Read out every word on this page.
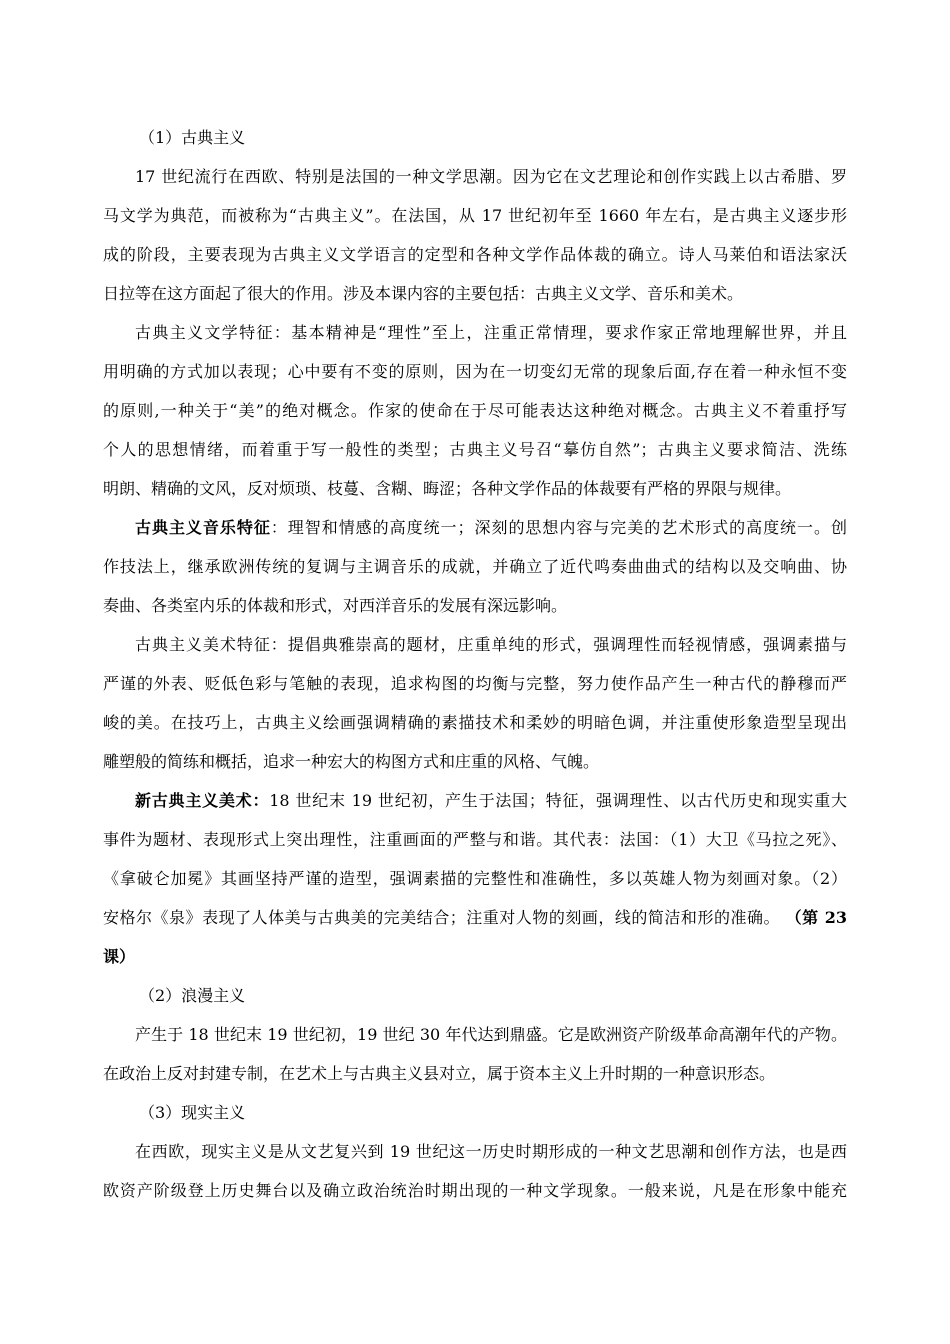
（1）古典主义
17 世纪流行在西欧、特别是法国的一种文学思潮。因为它在文艺理论和创作实践上以古希腊、罗
马文学为典范，而被称为“古典主义”。在法国，从 17 世纪初年至 1660 年左右，是古典主义逐步形
成的阶段，主要表现为古典主义文学语言的定型和各种文学作品体裁的确立。诗人马莱伯和语法家沃
日拉等在这方面起了很大的作用。涉及本课内容的主要包括：古典主义文学、音乐和美术。
古典主义文学特征：基本精神是“理性”至上，注重正常情理，要求作家正常地理解世界，并且
用明确的方式加以表现；心中要有不变的原则，因为在一切变幻无常的现象后面,存在着一种永恒不变
的原则,一种关于“美”的绝对概念。作家的使命在于尽可能表达这种绝对概念。古典主义不着重抒写
个人的思想情绪，而着重于写一般性的类型；古典主义号召“摹仿自然”；古典主义要求简洁、洗练
明朗、精确的文风，反对烦琐、枝蔓、含糊、晦涩；各种文学作品的体裁要有严格的界限与规律。
古典主义音乐特征：理智和情感的高度统一；深刻的思想内容与完美的艺术形式的高度统一。创
作技法上，继承欧洲传统的复调与主调音乐的成就，并确立了近代鸣奏曲曲式的结构以及交响曲、协
奏曲、各类室内乐的体裁和形式，对西洋音乐的发展有深远影响。
古典主义美术特征：提倡典雅崇高的题材，庄重单纯的形式，强调理性而轻视情感，强调素描与
严谨的外表、贬低色彩与笔触的表现，追求构图的均衡与完整，努力使作品产生一种古代的静穆而严
峻的美。在技巧上，古典主义绘画强调精确的素描技术和柔妙的明暗色调，并注重使形象造型呈现出
雕塑般的简练和概括，追求一种宏大的构图方式和庄重的风格、气魄。
新古典主义美术：18 世纪末 19 世纪初，产生于法国；特征，强调理性、以古代历史和现实重大
事件为题材、表现形式上突出理性，注重画面的严整与和谐。其代表：法国：（1）大卫《马拉之死》、
《拿破仑加冕》其画坚持严谨的造型，强调素描的完整性和准确性，多以英雄人物为刻画对象。（2）
安格尔《泉》表现了人体美与古典美的完美结合；注重对人物的刻画，线的简洁和形的准确。 （第 23
课）
（2）浪漫主义
产生于 18 世纪末 19 世纪初，19 世纪 30 年代达到鼎盛。它是欧洲资产阶级革命高潮年代的产物。
在政治上反对封建专制，在艺术上与古典主义县对立，属于资本主义上升时期的一种意识形态。
（3）现实主义
在西欧，现实主义是从文艺复兴到 19 世纪这一历史时期形成的一种文艺思潮和创作方法，也是西
欧资产阶级登上历史舞台以及确立政治统治时期出现的一种文学现象。一般来说，凡是在形象中能充
